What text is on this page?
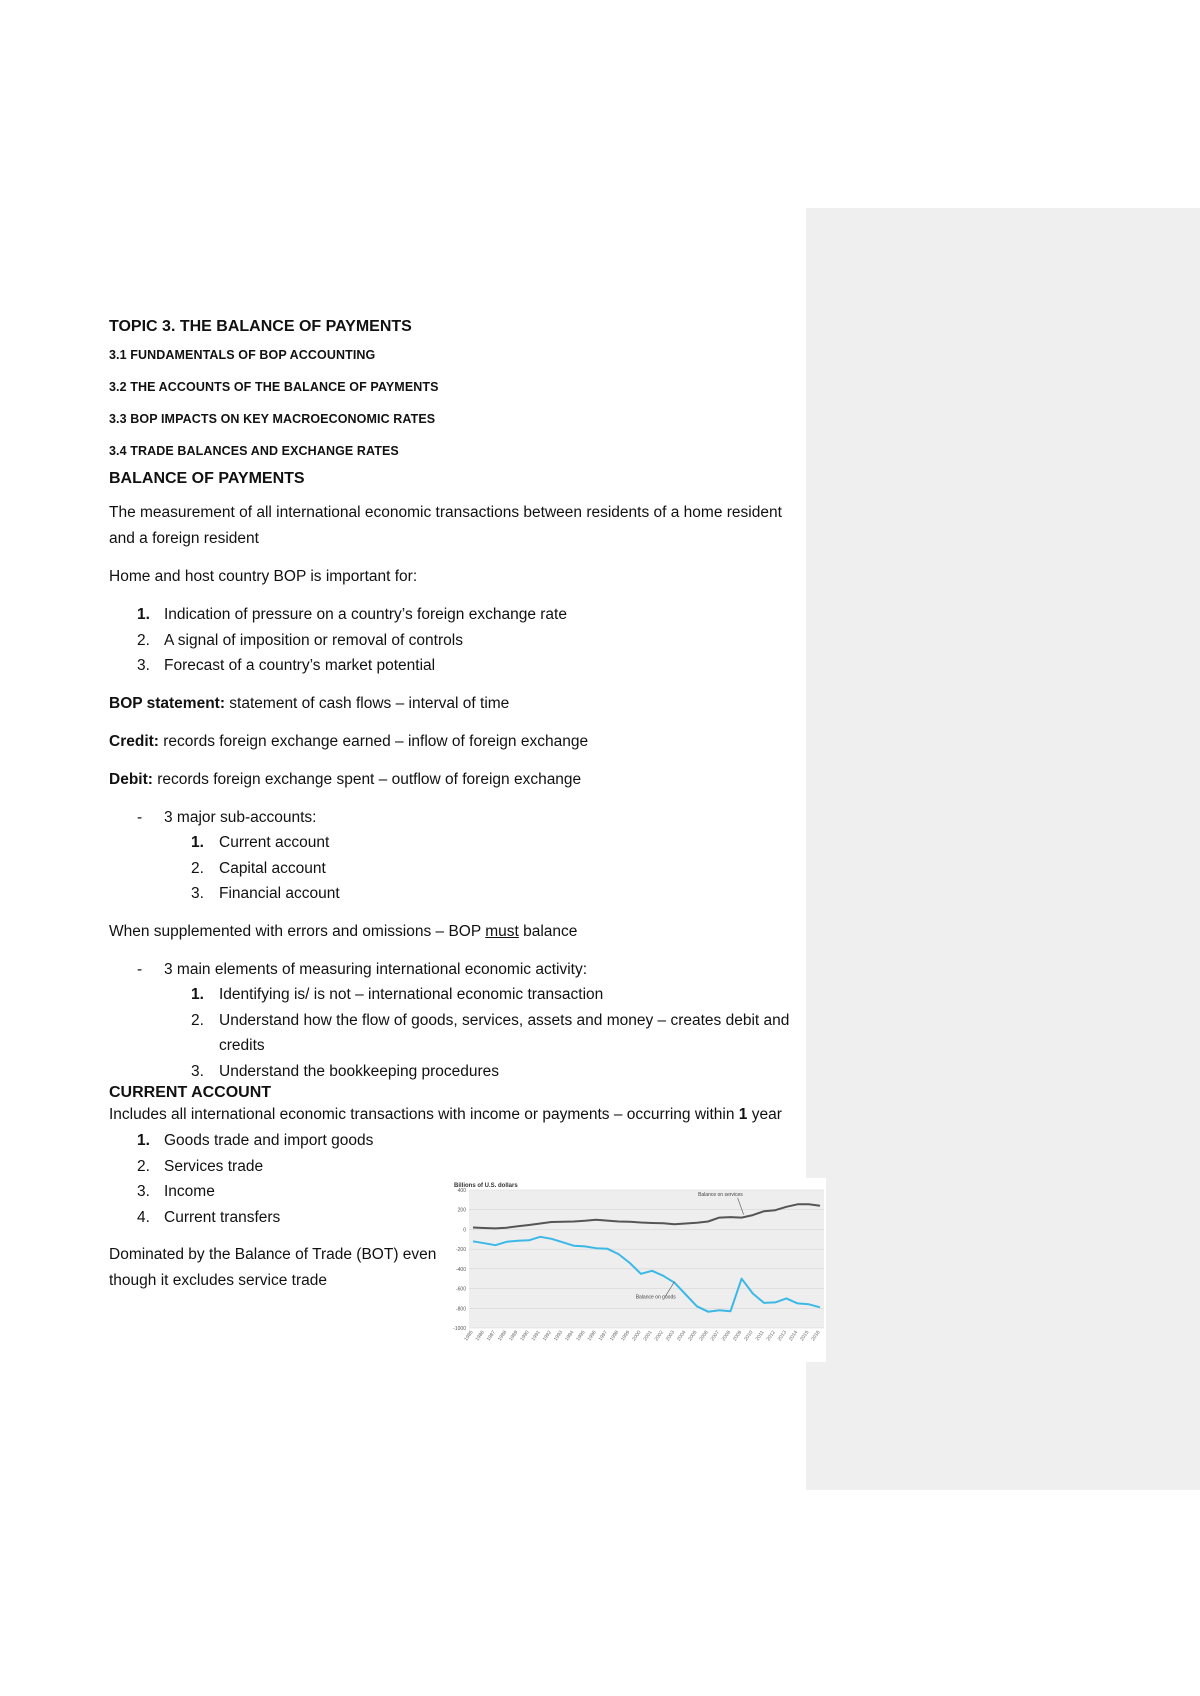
TOPIC 3. THE BALANCE OF PAYMENTS
3.1 FUNDAMENTALS OF BOP ACCOUNTING
3.2 THE ACCOUNTS OF THE BALANCE OF PAYMENTS
3.3 BOP IMPACTS ON KEY MACROECONOMIC RATES
3.4 TRADE BALANCES AND EXCHANGE RATES
BALANCE OF PAYMENTS
The measurement of all international economic transactions between residents of a home resident and a foreign resident
Home and host country BOP is important for:
1. Indication of pressure on a country’s foreign exchange rate
2. A signal of imposition or removal of controls
3. Forecast of a country’s market potential
BOP statement: statement of cash flows – interval of time
Credit: records foreign exchange earned – inflow of foreign exchange
Debit: records foreign exchange spent – outflow of foreign exchange
- 3 major sub-accounts:
1. Current account
2. Capital account
3. Financial account
When supplemented with errors and omissions – BOP must balance
- 3 main elements of measuring international economic activity:
1. Identifying is/ is not – international economic transaction
2. Understand how the flow of goods, services, assets and money – creates debit and credits
3. Understand the bookkeeping procedures
CURRENT ACCOUNT
Includes all international economic transactions with income or payments – occurring within 1 year
1. Goods trade and import goods
2. Services trade
3. Income
4. Current transfers
Dominated by the Balance of Trade (BOT) even though it excludes service trade
Billions of U.S. dollars
400
200
0
-200
-400
-600
-800
-1000
1985 1986 1987 1988 1989 1990 1991 1992 1993 1994 1995 1996 1997 1998 1999 2000 2001 2002 2003 2004 2005 2006 2007 2008 2009 2010 2011 2012 2013 2014 2015 2016
Balance on services
Balance on goods
